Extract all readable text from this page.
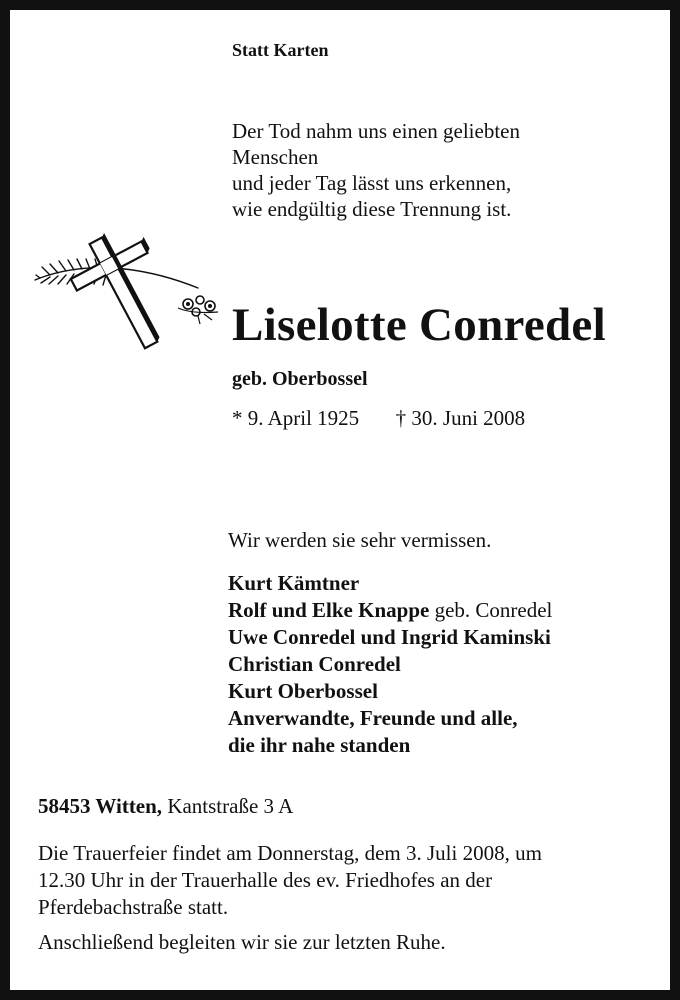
Statt Karten
Der Tod nahm uns einen geliebten
Menschen
und jeder Tag lässt uns erkennen,
wie endgültig diese Trennung ist.
Liselotte Conredel
geb. Oberbossel
* 9. April 1925 † 30. Juni 2008
Wir werden sie sehr vermissen.
Kurt Kämtner
Rolf und Elke Knappe geb. Conredel
Uwe Conredel und Ingrid Kaminski
Christian Conredel
Kurt Oberbossel
Anverwandte, Freunde und alle,
die ihr nahe standen
58453 Witten, Kantstraße 3 A
Die Trauerfeier findet am Donnerstag, dem 3. Juli 2008, um
12.30 Uhr in der Trauerhalle des ev. Friedhofes an der
Pferdebachstraße statt.
Anschließend begleiten wir sie zur letzten Ruhe.
